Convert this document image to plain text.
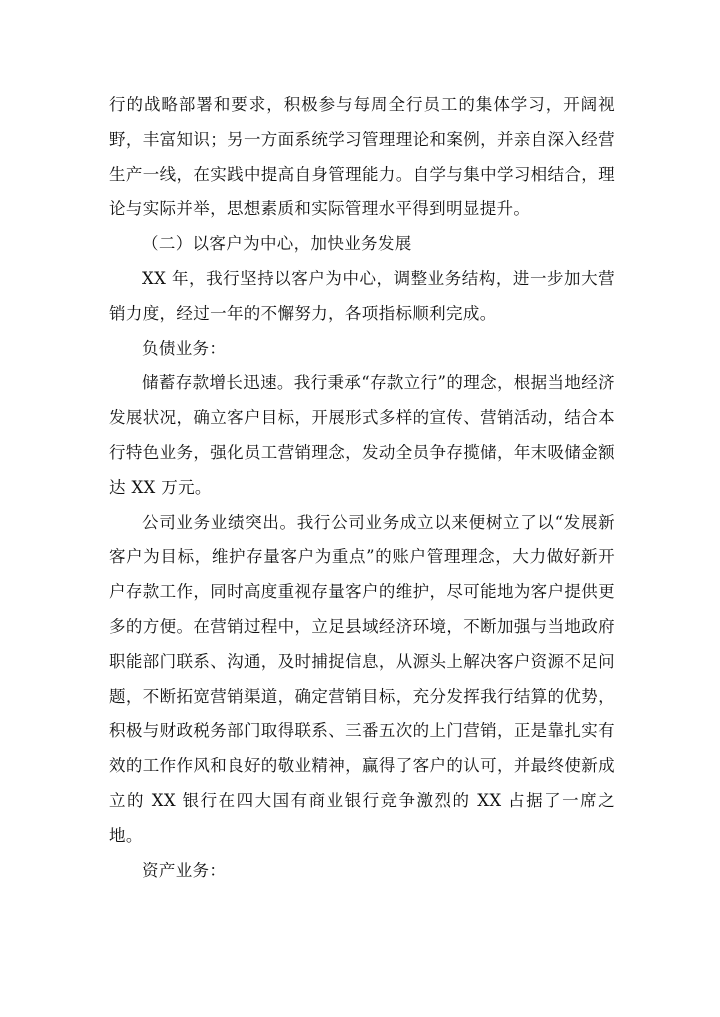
行的战略部署和要求，积极参与每周全行员工的集体学习，开阔视野，丰富知识；另一方面系统学习管理理论和案例，并亲自深入经营生产一线，在实践中提高自身管理能力。自学与集中学习相结合，理论与实际并举，思想素质和实际管理水平得到明显提升。

（二）以客户为中心，加快业务发展

XX 年，我行坚持以客户为中心，调整业务结构，进一步加大营销力度，经过一年的不懈努力，各项指标顺利完成。

负债业务：

储蓄存款增长迅速。我行秉承“存款立行”的理念，根据当地经济发展状况，确立客户目标，开展形式多样的宣传、营销活动，结合本行特色业务，强化员工营销理念，发动全员争存揽储，年末吸储金额达 XX 万元。

公司业务业绩突出。我行公司业务成立以来便树立了以“发展新客户为目标，维护存量客户为重点”的账户管理理念，大力做好新开户存款工作，同时高度重视存量客户的维护，尽可能地为客户提供更多的方便。在营销过程中，立足县域经济环境，不断加强与当地政府职能部门联系、沟通，及时捕捉信息，从源头上解决客户资源不足问题，不断拓宽营销渠道，确定营销目标，充分发挥我行结算的优势，积极与财政税务部门取得联系、三番五次的上门营销，正是靠扎实有效的工作作风和良好的敬业精神，赢得了客户的认可，并最终使新成立的 XX 银行在四大国有商业银行竞争激烈的 XX 占据了一席之地。

资产业务：
